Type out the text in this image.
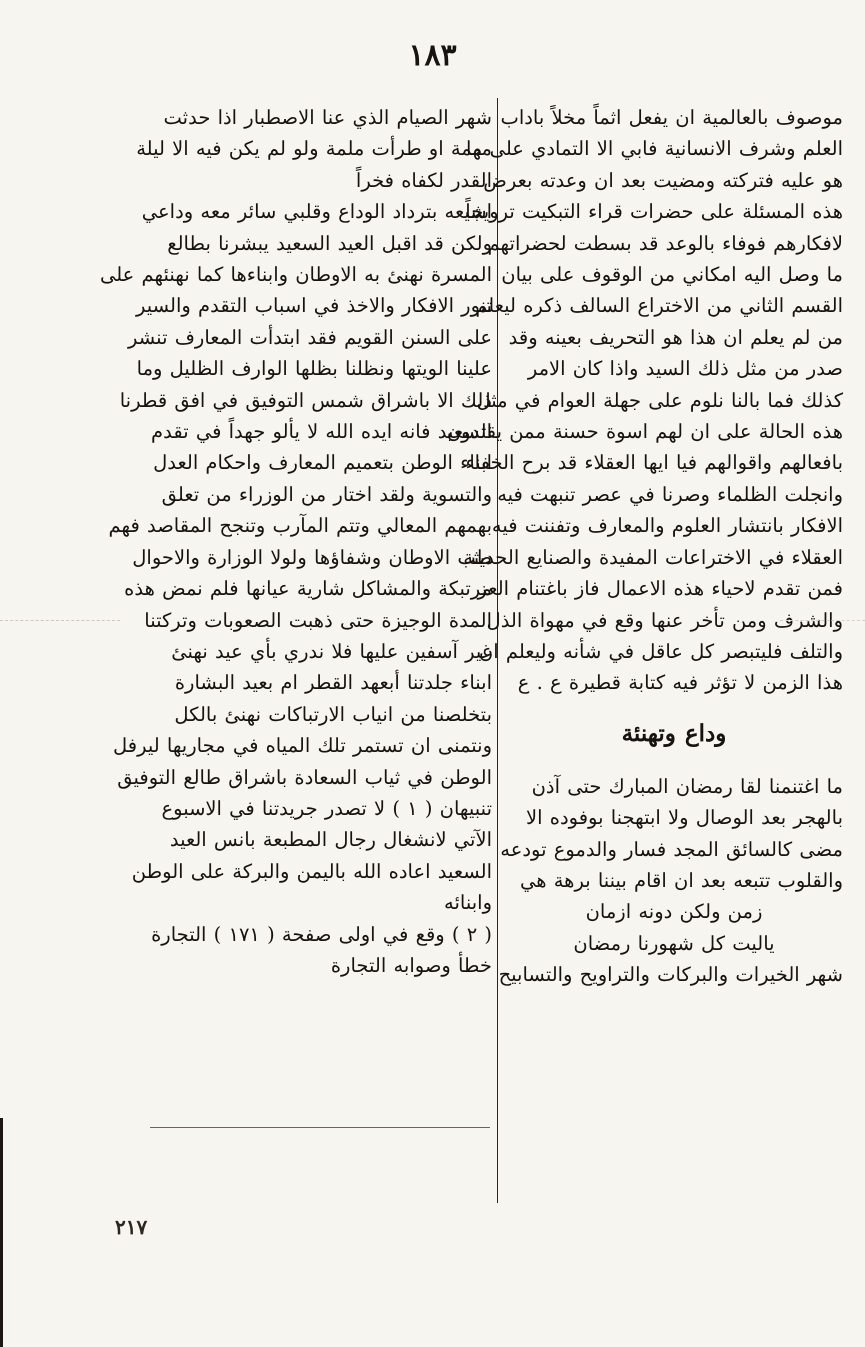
١٨٣
موصوف بالعالمية ان يفعل اثماً مخلاً باداب
العلم وشرف الانسانية فابي الا التمادي على ما
هو عليه فتركته ومضيت بعد ان وعدته بعرض
هذه المسئلة على حضرات قراء التبكيت ترويجاً
لافكارهم فوفاء بالوعد قد بسطت لحضراتهم
ما وصل اليه امكاني من الوقوف على بيان
القسم الثاني من الاختراع السالف ذكره ليعلم
من لم يعلم ان هذا هو التحريف بعينه وقد
صدر من مثل ذلك السيد واذا كان الامر
كذلك فما بالنا نلوم على جهلة العوام في مثل
هذه الحالة على ان لهم اسوة حسنة ممن يقتدون
بافعالهم واقوالهم فيا ايها العقلاء قد برح الخفاء
وانجلت الظلماء وصرنا في عصر تنبهت فيه
الافكار بانتشار العلوم والمعارف وتفننت فيه
العقلاء في الاختراعات المفيدة والصنايع الحديثة
فمن تقدم لاحياء هذه الاعمال فاز باغتنام العز
والشرف ومن تأخر عنها وقع في مهواة الذل
والتلف فليتبصر كل عاقل في شأنه وليعلم ان
هذا الزمن لا تؤثر فيه كتابة قطيرة ع . ع
وداع وتهنئة
ما اغتنمنا لقا رمضان المبارك حتى آذن
بالهجر بعد الوصال ولا ابتهجنا بوفوده الا
مضى كالسائق المجد فسار والدموع تودعه
والقلوب تتبعه بعد ان اقام بيننا برهة هي
زمن ولكن دونه ازمان
ياليت كل شهورنا رمضان
شهر الخيرات والبركات والتراويح والتسابيح
شهر الصيام الذي عنا الاصطبار اذا حدثت
مهمة او طرأت ملمة ولو لم يكن فيه الا ليلة
القدر لكفاه فخراً
اشيعه بترداد الوداع وقلبي سائر معه وداعي
ولكن قد اقبل العيد السعيد يبشرنا بطالع
المسرة نهنئ به الاوطان وابناءها كما نهنئهم على
تنور الافكار والاخذ في اسباب التقدم والسير
على السنن القويم فقد ابتدأت المعارف تنشر
علينا الويتها ونظلنا بظلها الوارف الظليل وما
ذلك الا باشراق شمس التوفيق في افق قطرنا
السعيد فانه ايده الله لا يألو جهداً في تقدم
ابناء الوطن بتعميم المعارف واحكام العدل
والتسوية ولقد اختار من الوزراء من تعلق
بهمهم المعالي وتتم المآرب وتنجح المقاصد فهم
طب الاوطان وشفاؤها ولولا الوزارة والاحوال
مرتبكة والمشاكل شارية عيانها فلم نمض هذه
المدة الوجيزة حتى ذهبت الصعوبات وتركتنا
غير آسفين عليها فلا ندري بأي عيد نهنئ
ابناء جلدتنا أبعهد القطر ام بعيد البشارة
بتخلصنا من انياب الارتباكات نهنئ بالكل
ونتمنى ان تستمر تلك المياه في مجاريها ليرفل
الوطن في ثياب السعادة باشراق طالع التوفيق
تنبيهان ( ١ ) لا تصدر جريدتنا في الاسبوع
الآتي لانشغال رجال المطبعة بانس العيد
السعيد اعاده الله باليمن والبركة على الوطن
وابنائه
( ٢ ) وقع في اولى صفحة ( ١٧١ ) التجارة
خطأ وصوابه التجارة
٢١٧
